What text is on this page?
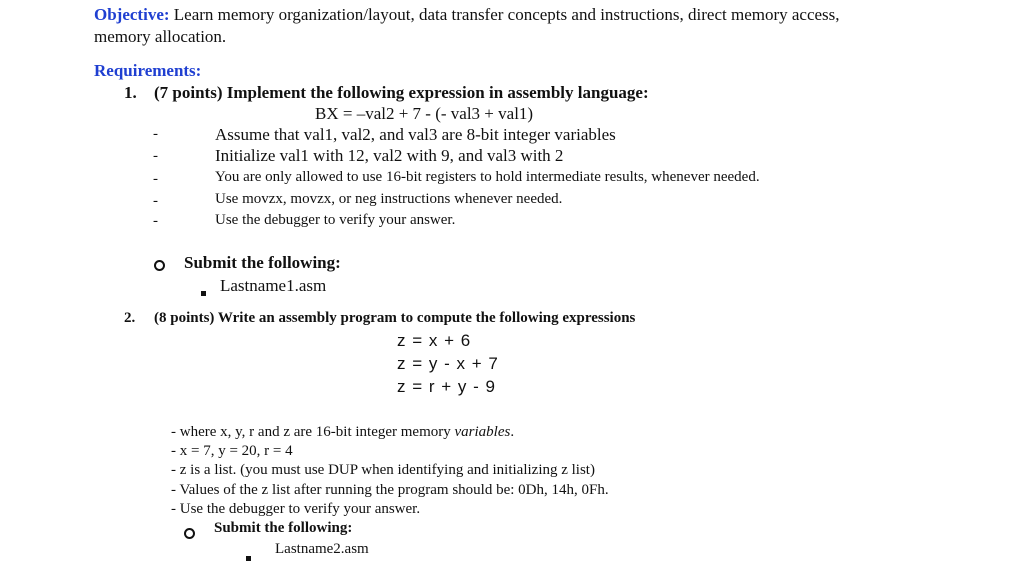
Objective: Learn memory organization/layout, data transfer concepts and instructions, direct memory access,
memory allocation.
Requirements:
1. (7 points) Implement the following expression in assembly language:
BX = –val2 + 7 - (- val3 + val1)
-	Assume that val1, val2, and val3 are 8-bit integer variables
-	Initialize val1 with 12, val2 with 9, and val3 with 2
-	You are only allowed to use 16-bit registers to hold intermediate results, whenever needed.
-	Use movzx, movzx, or neg instructions whenever needed.
-	Use the debugger to verify your answer.
Submit the following:
Lastname1.asm
2. (8 points) Write an assembly program to compute the following expressions
z = x + 6
z = y - x + 7
z = r + y - 9
- where x, y, r and z are 16-bit integer memory variables.
- x = 7, y = 20, r = 4
- z is a list. (you must use DUP when identifying and initializing z list)
- Values of the z list after running the program should be: 0Dh, 14h, 0Fh.
- Use the debugger to verify your answer.
Submit the following:
Lastname2.asm
